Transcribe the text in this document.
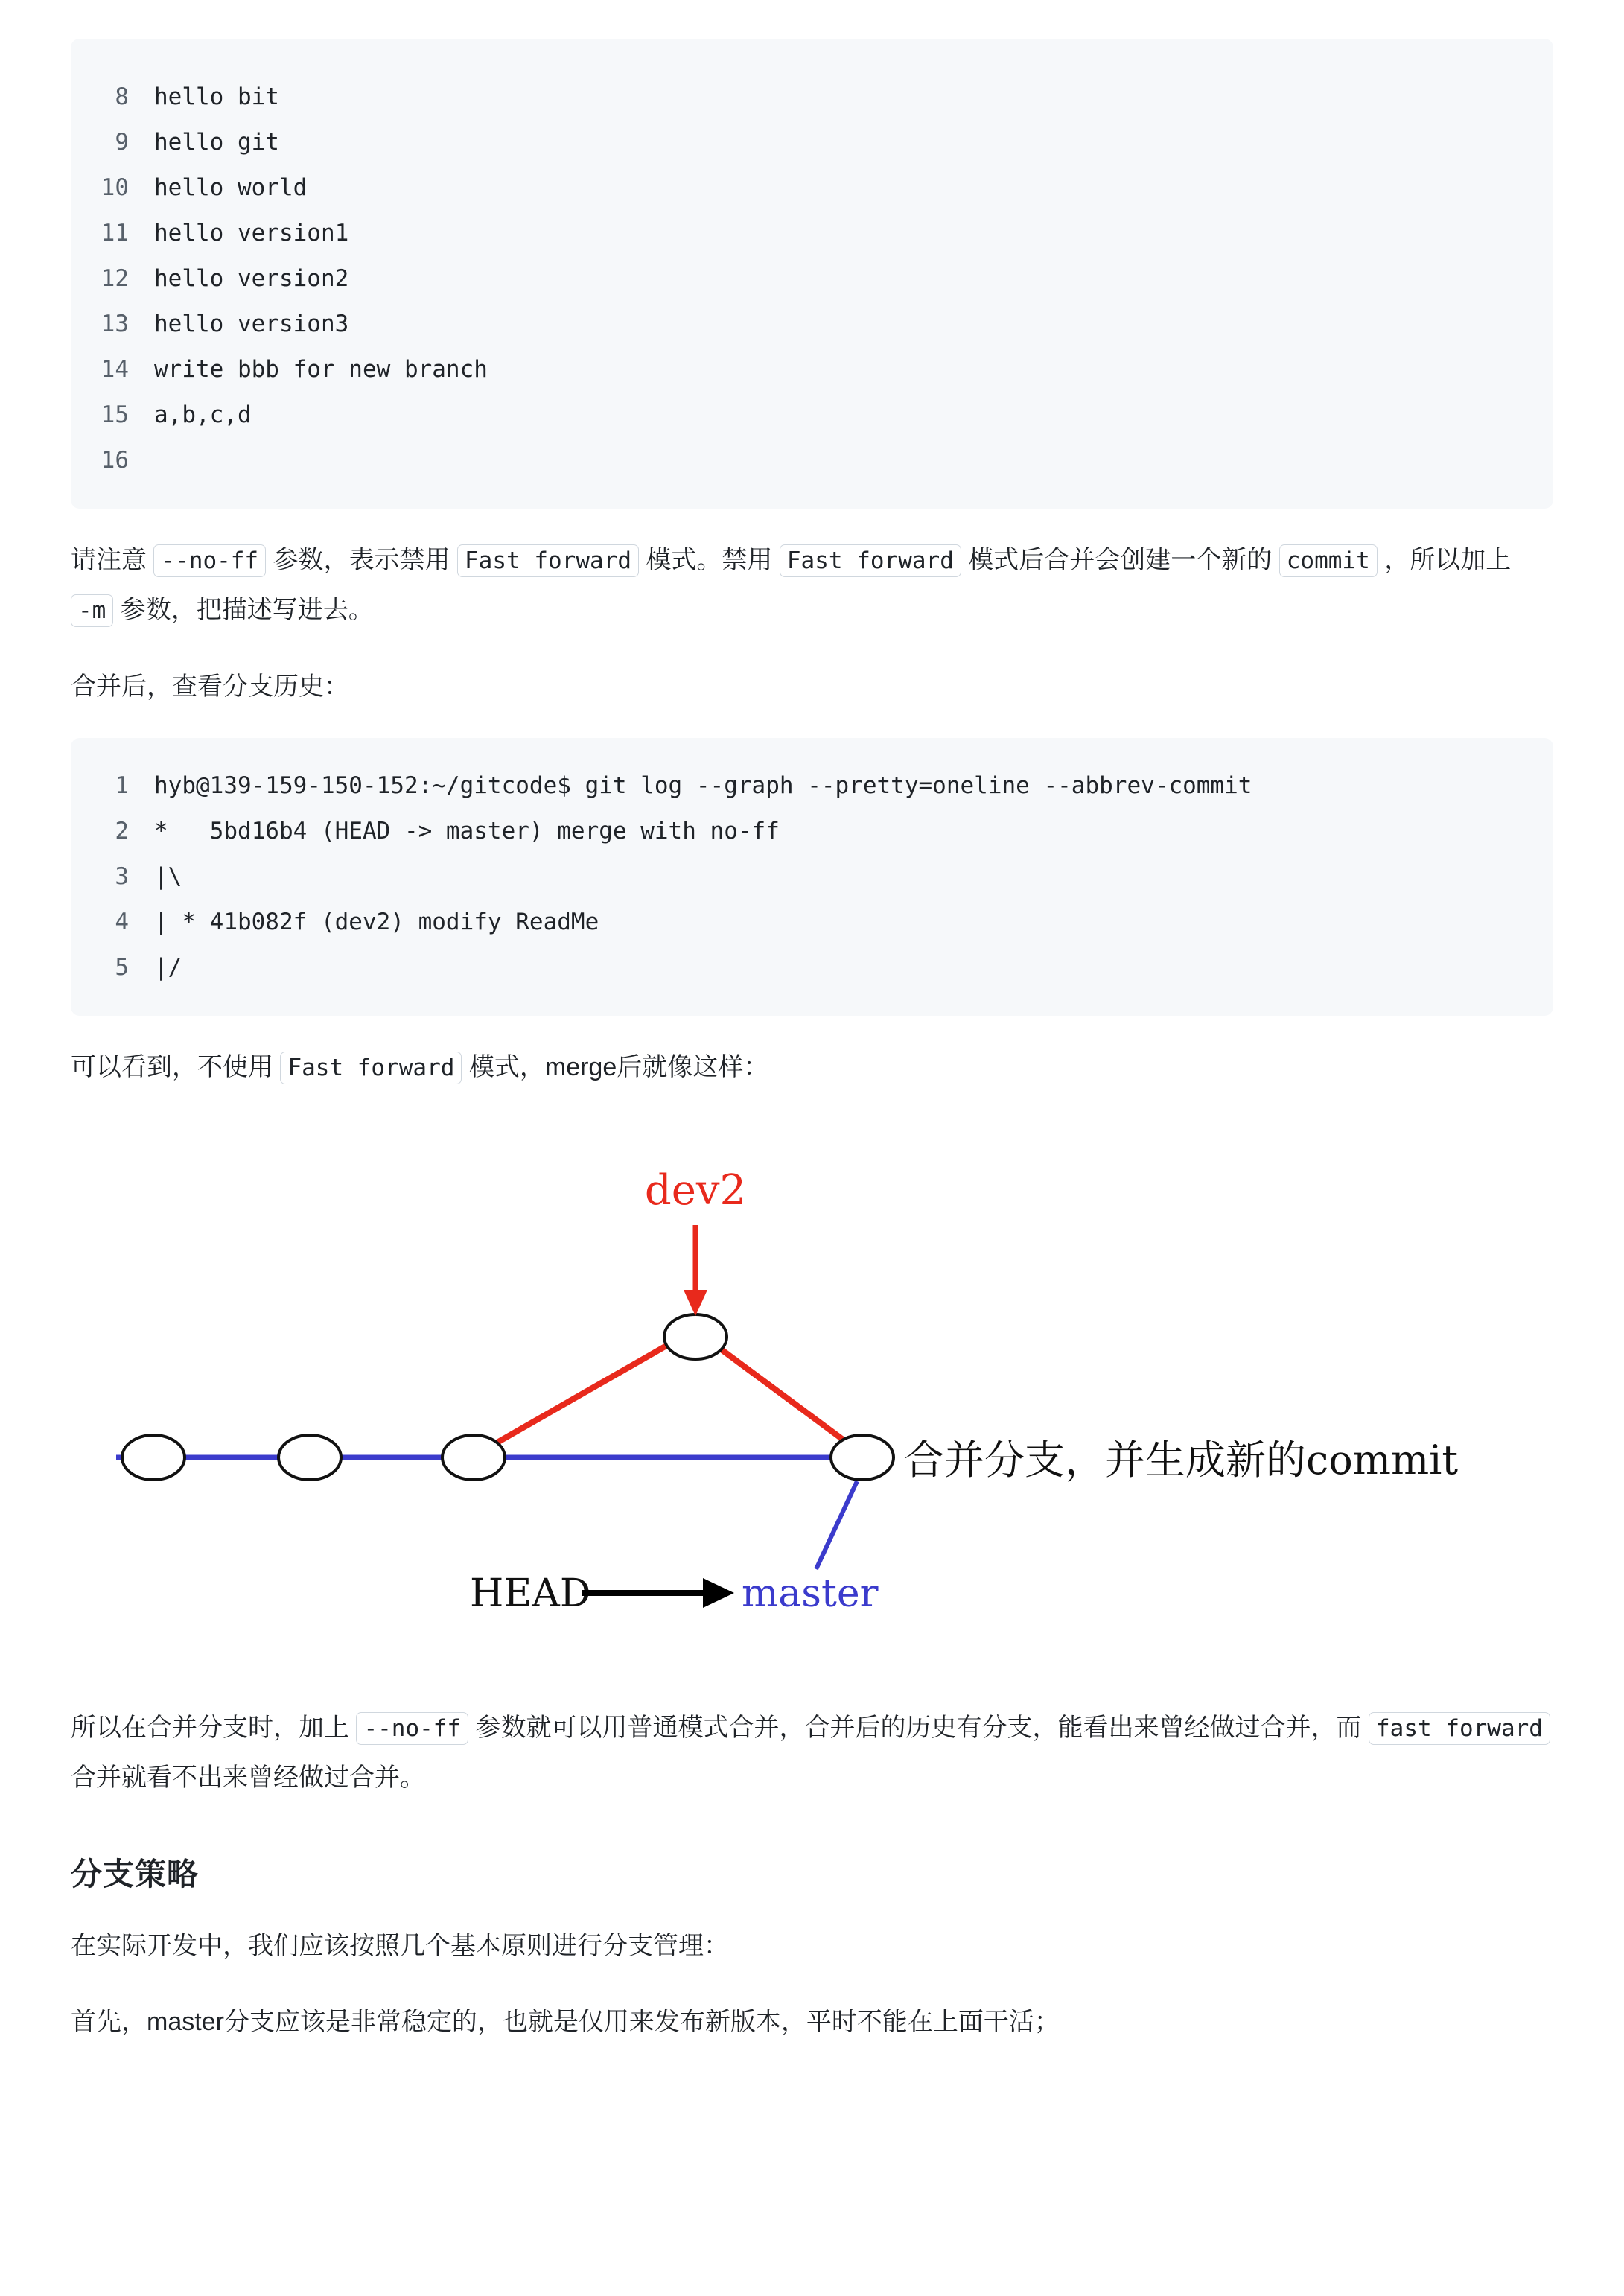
8	hello bit
9	hello git
10	hello world
11	hello version1
12	hello version2
13	hello version3
14	write bbb for new branch
15	a,b,c,d
16

请注意 --no-ff 参数，表示禁用 Fast forward 模式。禁用 Fast forward 模式后合并会创建一个新的 commit ，所以加上 -m 参数，把描述写进去。

合并后，查看分支历史：

1	hyb@139-159-150-152:~/gitcode$ git log --graph --pretty=oneline --abbrev-commit
2	*   5bd16b4 (HEAD -> master) merge with no-ff
3	|\
4	| * 41b082f (dev2) modify ReadMe
5	|/

可以看到，不使用 Fast forward 模式，merge后就像这样：

dev2
合并分支，并生成新的commit
HEAD	master

所以在合并分支时，加上 --no-ff 参数就可以用普通模式合并，合并后的历史有分支，能看出来曾经做过合并，而 fast forward 合并就看不出来曾经做过合并。

分支策略

在实际开发中，我们应该按照几个基本原则进行分支管理：

首先，master分支应该是非常稳定的，也就是仅用来发布新版本，平时不能在上面干活；
